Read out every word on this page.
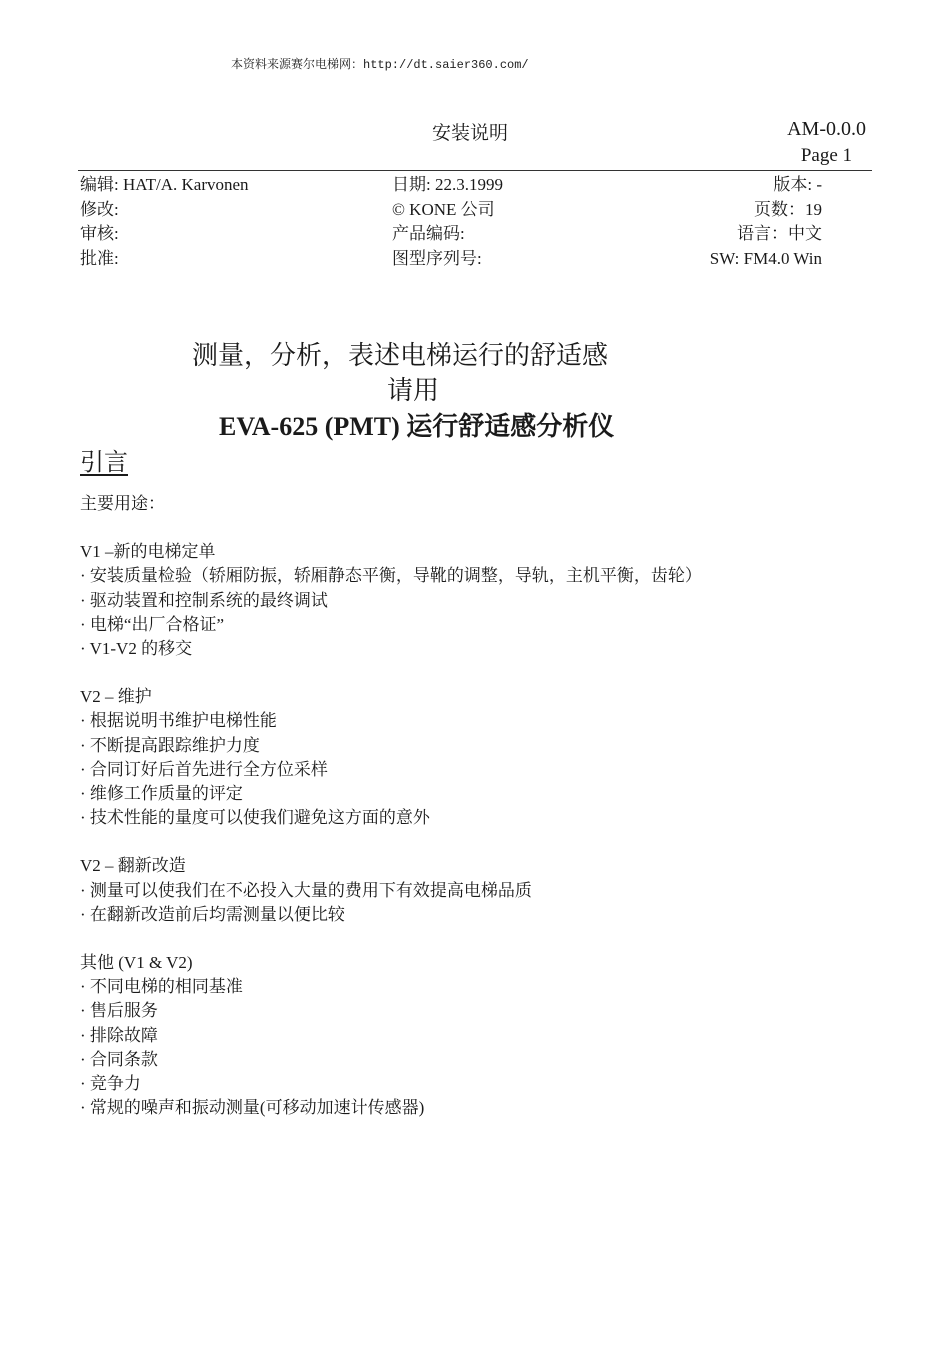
本资料来源赛尔电梯网：http://dt.saier360.com/
安装说明	AM-0.0.0
Page 1
编辑: HAT/A. Karvonen
修改:
审核:
批准:
日期: 22.3.1999
© KONE 公司
产品编码:
图型序列号:
版本: -
页数：19
语言：中文
SW: FM4.0 Win
测量，分析，表述电梯运行的舒适感
请用
EVA-625 (PMT) 运行舒适感分析仪
引言
主要用途：
V1 –新的电梯定单
· 安装质量检验（轿厢防振，轿厢静态平衡，导靴的调整，导轨，主机平衡，齿轮）
· 驱动装置和控制系统的最终调试
· 电梯“出厂合格证”
· V1-V2 的移交
V2 – 维护
· 根据说明书维护电梯性能
· 不断提高跟踪维护力度
· 合同订好后首先进行全方位采样
· 维修工作质量的评定
· 技术性能的量度可以使我们避免这方面的意外
V2 – 翻新改造
· 测量可以使我们在不必投入大量的费用下有效提高电梯品质
· 在翻新改造前后均需测量以便比较
其他 (V1 & V2)
· 不同电梯的相同基准
· 售后服务
· 排除故障
· 合同条款
· 竞争力
· 常规的噪声和振动测量(可移动加速计传感器)
